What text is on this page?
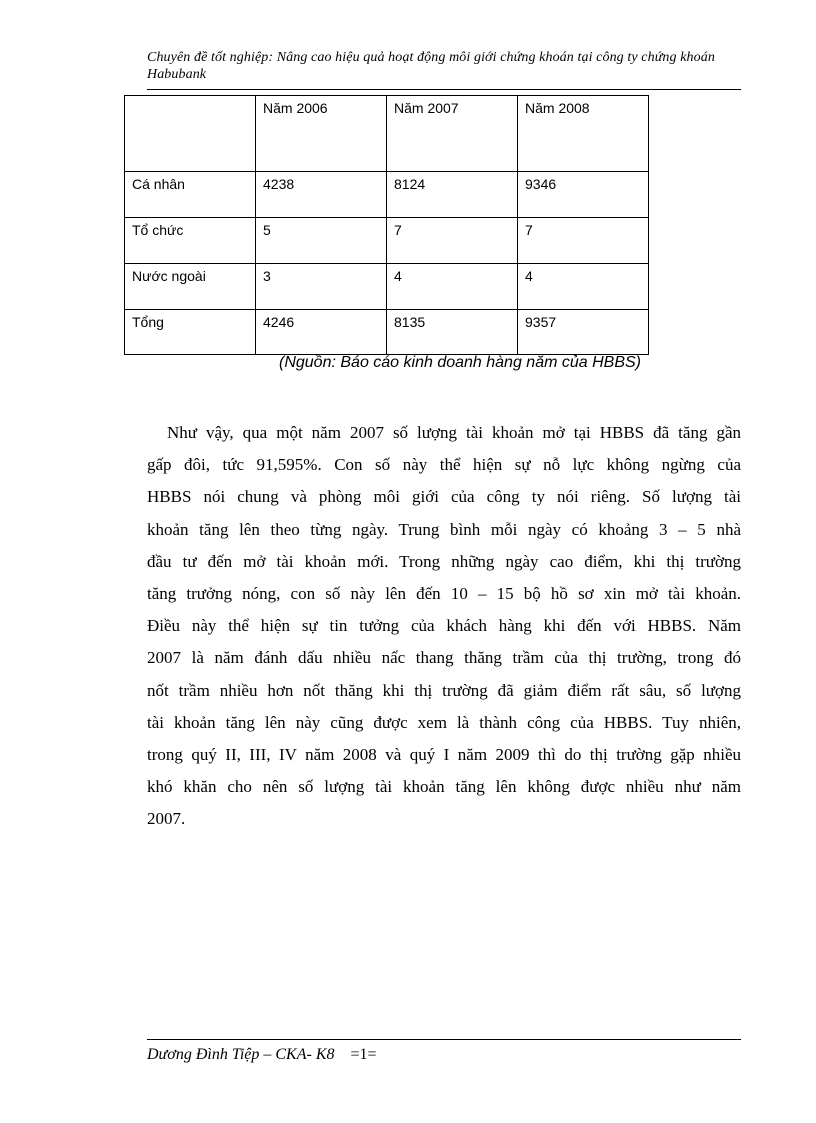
Chuyên đề tốt nghiệp: Nâng cao hiệu quả hoạt động môi giới chứng khoán tại công ty chứng khoán Habubank
	Năm 2006	Năm 2007	Năm 2008
Cá nhân	4238	8124	9346
Tổ chức	5	7	7
Nước ngoài	3	4	4
Tổng	4246	8135	9357
(Nguồn: Báo cáo kinh doanh hàng năm của HBBS)
Như vậy, qua một năm 2007 số lượng tài khoản mở tại HBBS đã tăng gần
gấp đôi, tức 91,595%. Con số này thể hiện sự nỗ lực không ngừng của
HBBS nói chung và phòng môi giới của công ty nói riêng. Số lượng tài
khoản tăng lên theo từng ngày. Trung bình mỗi ngày có khoảng 3 – 5 nhà
đầu tư đến mở tài khoản mới. Trong những ngày cao điểm, khi thị trường
tăng trưởng nóng, con số này lên đến 10 – 15 bộ hồ sơ xin mở tài khoản.
Điều này thể hiện sự tin tưởng của khách hàng khi đến với HBBS. Năm
2007 là năm đánh dấu nhiều nấc thang thăng trầm của thị trường, trong đó
nốt trầm nhiều hơn nốt thăng khi thị trường đã giảm điểm rất sâu, số lượng
tài khoản tăng lên này cũng được xem là thành công của HBBS. Tuy nhiên,
trong quý II, III, IV năm 2008 và quý I năm 2009 thì do thị trường gặp nhiều
khó khăn cho nên số lượng tài khoản tăng lên không được nhiều như năm
2007.
Dương Đình Tiệp – CKA- K8 =1=
